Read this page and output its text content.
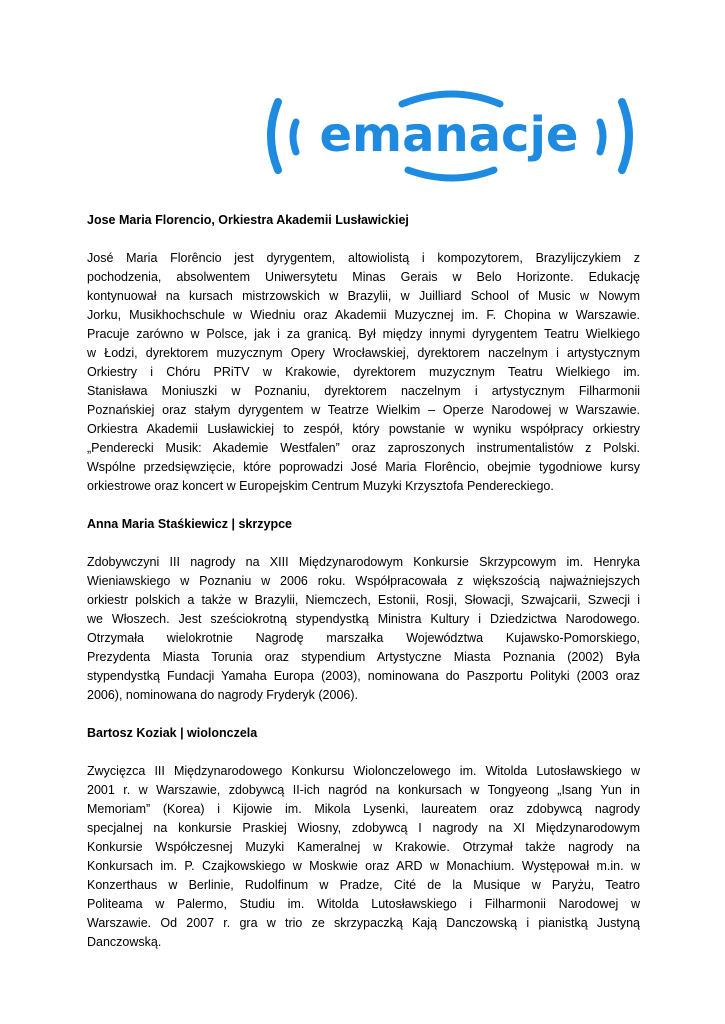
emanacje
Jose Maria Florencio, Orkiestra Akademii Lusławickiej
José Maria Florêncio jest dyrygentem, altowiolistą i kompozytorem, Brazylijczykiem z
pochodzenia, absolwentem Uniwersytetu Minas Gerais w Belo Horizonte. Edukację
kontynuował na kursach mistrzowskich w Brazylii, w Juilliard School of Music w Nowym
Jorku, Musikhochschule w Wiedniu oraz Akademii Muzycznej im. F. Chopina w Warszawie.
Pracuje zarówno w Polsce, jak i za granicą. Był między innymi dyrygentem Teatru Wielkiego
w Łodzi, dyrektorem muzycznym Opery Wrocławskiej, dyrektorem naczelnym i artystycznym
Orkiestry i Chóru PRiTV w Krakowie, dyrektorem muzycznym Teatru Wielkiego im.
Stanisława Moniuszki w Poznaniu, dyrektorem naczelnym i artystycznym Filharmonii
Poznańskiej oraz stałym dyrygentem w Teatrze Wielkim – Operze Narodowej w Warszawie.
Orkiestra Akademii Lusławickiej to zespół, który powstanie w wyniku współpracy orkiestry
„Penderecki Musik: Akademie Westfalen” oraz zaproszonych instrumentalistów z Polski.
Wspólne przedsięwzięcie, które poprowadzi José Maria Florêncio, obejmie tygodniowe kursy
orkiestrowe oraz koncert w Europejskim Centrum Muzyki Krzysztofa Pendereckiego.
Anna Maria Staśkiewicz | skrzypce
Zdobywczyni III nagrody na XIII Międzynarodowym Konkursie Skrzypcowym im. Henryka
Wieniawskiego w Poznaniu w 2006 roku. Współpracowała z większością najważniejszych
orkiestr polskich a także w Brazylii, Niemczech, Estonii, Rosji, Słowacji, Szwajcarii, Szwecji i
we Włoszech. Jest sześciokrotną stypendystką Ministra Kultury i Dziedzictwa Narodowego.
Otrzymała wielokrotnie Nagrodę marszałka Województwa Kujawsko-Pomorskiego,
Prezydenta Miasta Torunia oraz stypendium Artystyczne Miasta Poznania (2002) Była
stypendystką Fundacji Yamaha Europa (2003), nominowana do Paszportu Polityki (2003 oraz
2006), nominowana do nagrody Fryderyk (2006).
Bartosz Koziak | wiolonczela
Zwycięzca III Międzynarodowego Konkursu Wiolonczelowego im. Witolda Lutosławskiego w
2001 r. w Warszawie, zdobywcą II-ich nagród na konkursach w Tongyeong „Isang Yun in
Memoriam” (Korea) i Kijowie im. Mikola Lysenki, laureatem oraz zdobywcą nagrody
specjalnej na konkursie Praskiej Wiosny, zdobywcą I nagrody na XI Międzynarodowym
Konkursie Współczesnej Muzyki Kameralnej w Krakowie. Otrzymał także nagrody na
Konkursach im. P. Czajkowskiego w Moskwie oraz ARD w Monachium. Występował m.in. w
Konzerthaus w Berlinie, Rudolfinum w Pradze, Cité de la Musique w Paryżu, Teatro
Politeama w Palermo, Studiu im. Witolda Lutosławskiego i Filharmonii Narodowej w
Warszawie. Od 2007 r. gra w trio ze skrzypaczką Kają Danczowską i pianistką Justyną
Danczowską.
